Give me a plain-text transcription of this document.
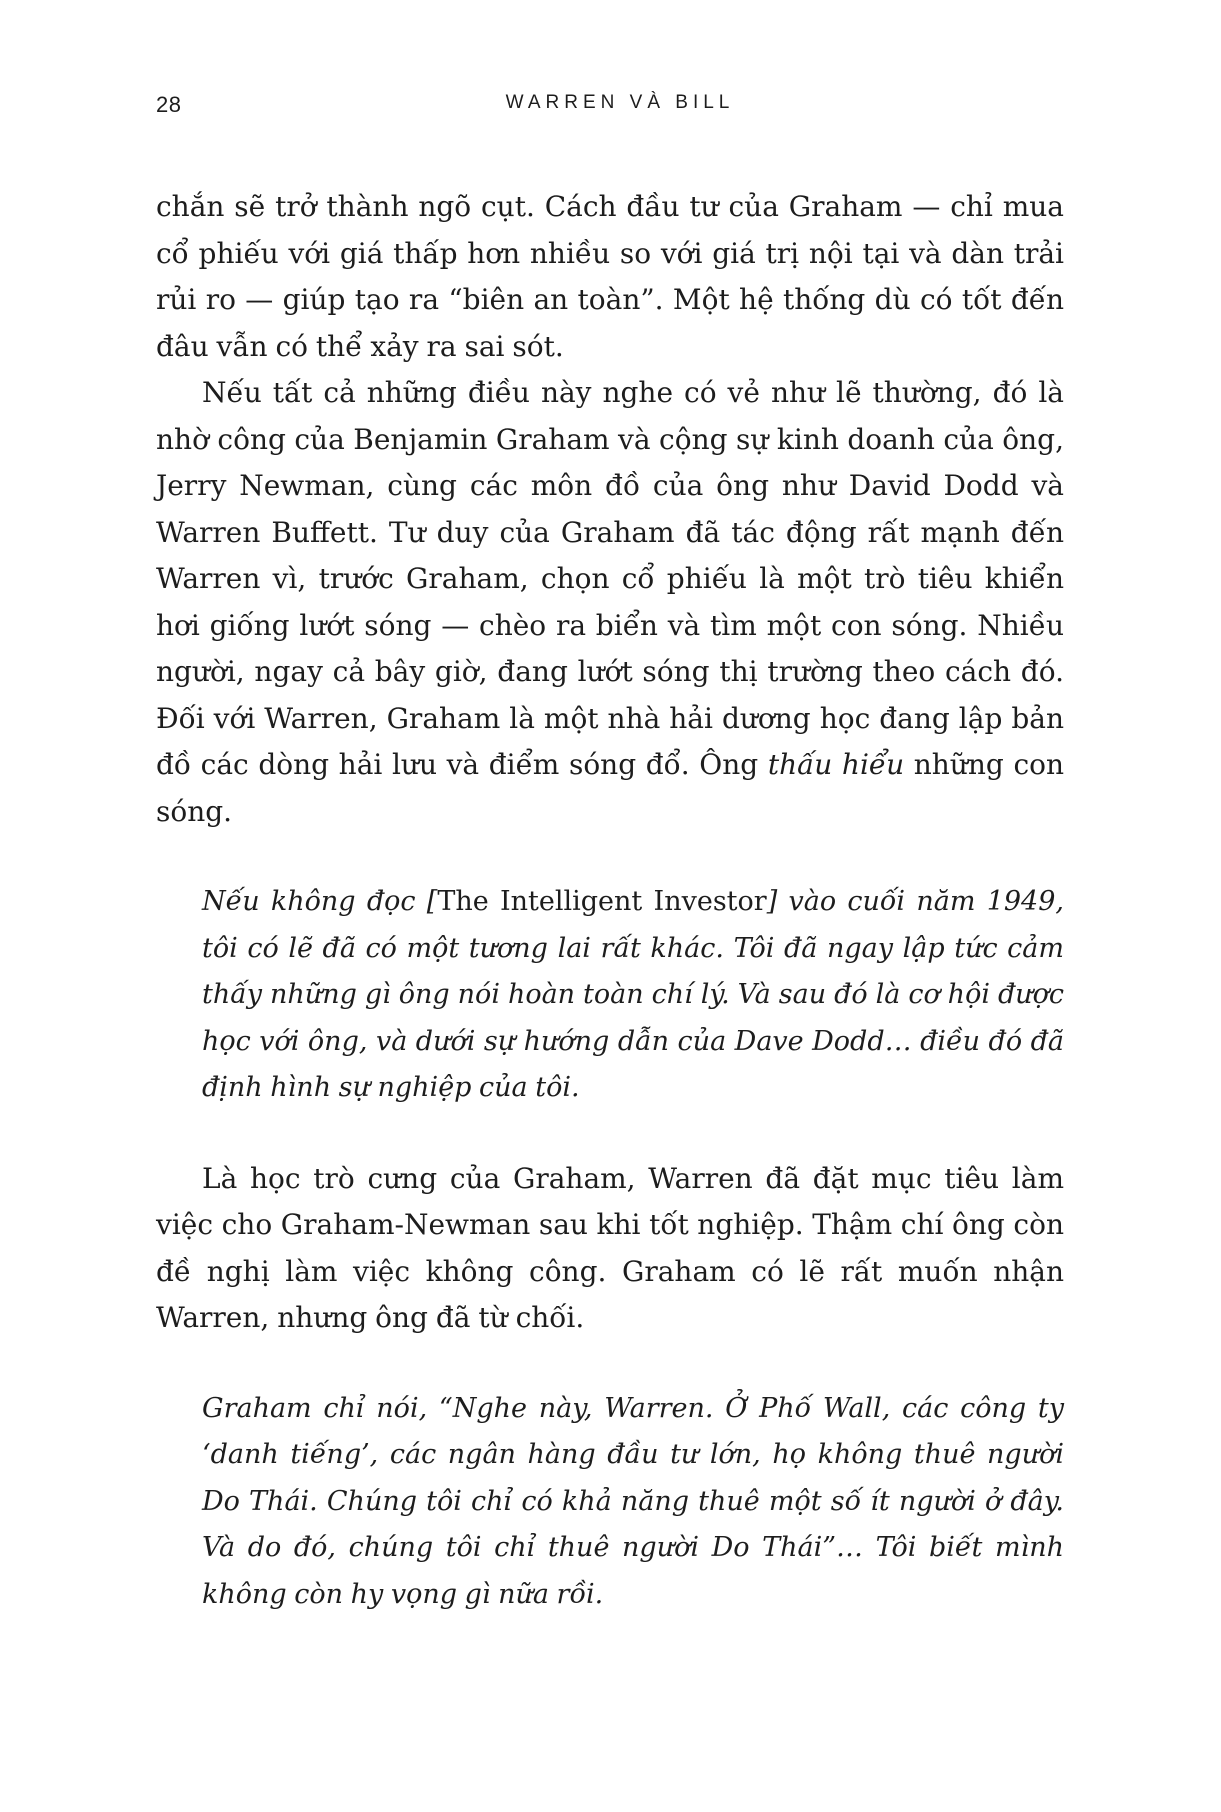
28	WARREN VÀ BILL

chắn sẽ trở thành ngõ cụt. Cách đầu tư của Graham — chỉ mua cổ phiếu với giá thấp hơn nhiều so với giá trị nội tại và dàn trải rủi ro — giúp tạo ra “biên an toàn”. Một hệ thống dù có tốt đến đâu vẫn có thể xảy ra sai sót.

Nếu tất cả những điều này nghe có vẻ như lẽ thường, đó là nhờ công của Benjamin Graham và cộng sự kinh doanh của ông, Jerry Newman, cùng các môn đồ của ông như David Dodd và Warren Buffett. Tư duy của Graham đã tác động rất mạnh đến Warren vì, trước Graham, chọn cổ phiếu là một trò tiêu khiển hơi giống lướt sóng — chèo ra biển và tìm một con sóng. Nhiều người, ngay cả bây giờ, đang lướt sóng thị trường theo cách đó. Đối với Warren, Graham là một nhà hải dương học đang lập bản đồ các dòng hải lưu và điểm sóng đổ. Ông thấu hiểu những con sóng.

Nếu không đọc [The Intelligent Investor] vào cuối năm 1949, tôi có lẽ đã có một tương lai rất khác. Tôi đã ngay lập tức cảm thấy những gì ông nói hoàn toàn chí lý. Và sau đó là cơ hội được học với ông, và dưới sự hướng dẫn của Dave Dodd… điều đó đã định hình sự nghiệp của tôi.

Là học trò cưng của Graham, Warren đã đặt mục tiêu làm việc cho Graham-Newman sau khi tốt nghiệp. Thậm chí ông còn đề nghị làm việc không công. Graham có lẽ rất muốn nhận Warren, nhưng ông đã từ chối.

Graham chỉ nói, “Nghe này, Warren. Ở Phố Wall, các công ty ‘danh tiếng’, các ngân hàng đầu tư lớn, họ không thuê người Do Thái. Chúng tôi chỉ có khả năng thuê một số ít người ở đây. Và do đó, chúng tôi chỉ thuê người Do Thái”… Tôi biết mình không còn hy vọng gì nữa rồi.
